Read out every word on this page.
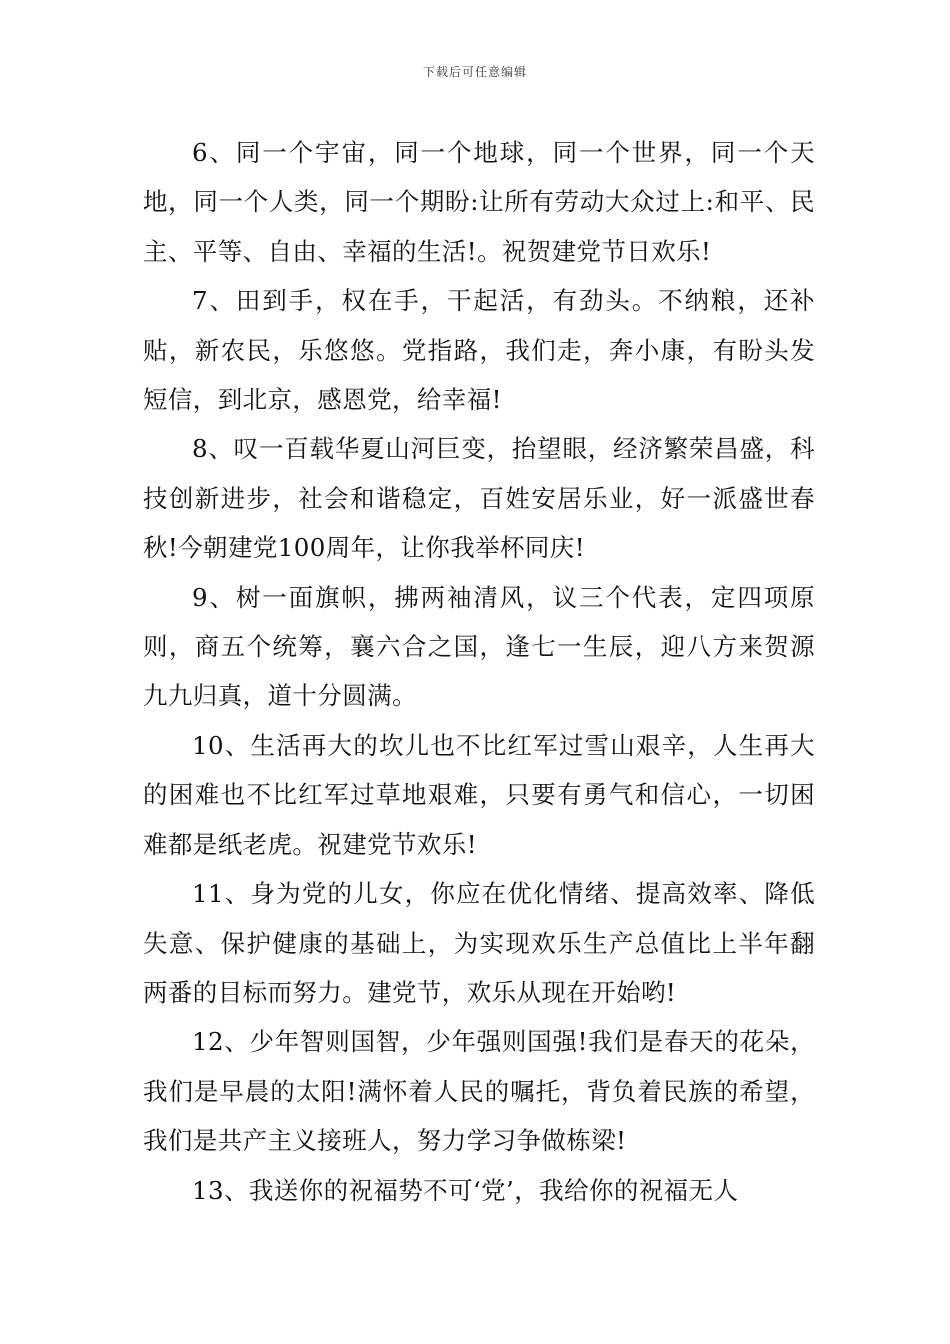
下载后可任意编辑

6、同一个宇宙，同一个地球，同一个世界，同一个天地，同一个人类，同一个期盼:让所有劳动大众过上:和平、民主、平等、自由、幸福的生活!。祝贺建党节日欢乐!

7、田到手，权在手，干起活，有劲头。不纳粮，还补贴，新农民，乐悠悠。党指路，我们走，奔小康，有盼头发短信，到北京，感恩党，给幸福!

8、叹一百载华夏山河巨变，抬望眼，经济繁荣昌盛，科技创新进步，社会和谐稳定，百姓安居乐业，好一派盛世春秋!今朝建党100周年，让你我举杯同庆!

9、树一面旗帜，拂两袖清风，议三个代表，定四项原则，商五个统筹，襄六合之国，逢七一生辰，迎八方来贺源九九归真，道十分圆满。

10、生活再大的坎儿也不比红军过雪山艰辛，人生再大的困难也不比红军过草地艰难，只要有勇气和信心，一切困难都是纸老虎。祝建党节欢乐!

11、身为党的儿女，你应在优化情绪、提高效率、降低失意、保护健康的基础上，为实现欢乐生产总值比上半年翻两番的目标而努力。建党节，欢乐从现在开始哟!

12、少年智则国智，少年强则国强!我们是春天的花朵，我们是早晨的太阳!满怀着人民的嘱托，背负着民族的希望，我们是共产主义接班人，努力学习争做栋梁!

13、我送你的祝福势不可‘党’，我给你的祝福无人
